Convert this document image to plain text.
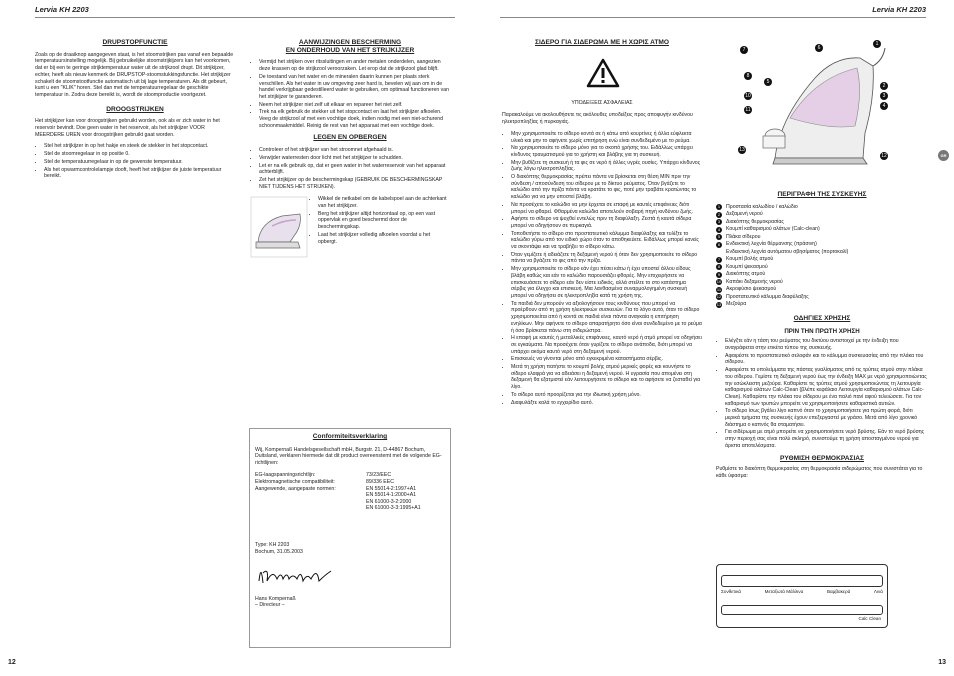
Lervia KH 2203
DRUPSTOPFUNCTIE

Zoals op de draaiknop aangegeven staat, is het stoomstrijken pas vanaf een bepaalde temperatuursinstelling mogelijk. Bij gebruikelijke stoomstrijkijzers kan het voorkomen, dat er bij een te geringe strijktemperatuur water uit de strijkzool drupt. Dit strijkijzer, echter, heeft als nieuw kenmerk de DRUPSTOP-stoomstukkingsfunctie. Het strijkijzer schakelt de stoomstootfunctie automatisch uit bij lage temperaturen. Als dit gebeurt, kunt u een "KLIK" horen. Stel dan met de temperatuurregelaar de geschikte temperatuur in. Zodra deze bereikt is, wordt de stoomproductie voortgezet.

DROOGSTRIJKEN

Het strijkijzer kan voor droogstrijken gebruikt worden, ook als er zich water in het reservoir bevindt. Doe geen water in het reservoir, als het strijkijzer VOOR MEERDERE UREN voor droogstrijken gebruikt gaat worden.

• Stel het strijkijzer in op het hakje en steek de stekker in het stopcontact.
• Stel de stoomregelaar in op positie 0.
• Stel de temperatuurregelaar in op de gewenste temperatuur.
• Als het opwarmcontrolelampje dooft, heeft het strijkijzer de juiste temperatuur bereikt.
AANWIJZINGEN BESCHERMING
EN ONDERHOUD VAN HET STRIJKIJZER
• Vermijd het strijken over ritssluitingen en ander metalen onderdelen, aangezien deze krassen op de strijkzool veroorzaken. Let erop dat de strijkzool glad blijft.
• De toestand van het water en de mineralen daarin kunnen per plaats sterk verschillen. Als het water in uw omgeving zeer hard is, bevelen wij aan om in de handel verkrijgbaar gedestilleerd water te gebruiken, om optimaal functioneren van het strijkijzer te garanderen.
• Neem het strijkijzer niet zelf uit elkaar en repareer het niet zelf.
• Trek na elk gebruik de stekker uit het stopcontact en laat het strijkijzer afkoelen. Veeg de strijkzool af met een vochtige doek, indien nodig met een niet-schurend schoonmaakmiddel. Reinig de rest van het apparaat met een vochtige doek.
LEGEN EN OPBERGEN
• Controleer of het strijkijzer van het stroomnet afgehaald is.
• Verwijder waterresten door licht met het strijkijzer te schudden.
• Let er na elk gebruik op, dat er geen water in het waterreservoir van het apparaat achterblijft.
• Zet het strijkijzer op de beschermingskap (GEBRUIK DE BESCHERMINGSKAP NIET TIJDENS HET STRIJKEN).
• Wikkel de netkabel om de kabelspoel aan de achterkant van het strijkijzer.
• Berg het strijkijzer altijd horizontaal op, op een vast oppervlak en goed beschermd door de beschermingskap.
• Laat het strijkijzer volledig afkoelen voordat u het opbergt.
Conformiteitsverklaring

Wij, Kompernaß Handelsgesellschaft mbH, Burgstr. 21, D-44867 Bochum, Duitsland, verklaren hiermede dat dit product overeenstemt met de volgende EG-richtlijnen:

EG-laagspanningsrichtlijn:	73/23/EEC
Elektromagnetische compatibiliteit:	89/336 EEC
Aangewende, aangepaste normen:	EN 55014-2:1997+A1
EN 55014-1:2000+A1
EN 61000-3-2:2000
EN 61000-3-3:1995+A1
Type: KH 2203
Bochum, 31.05.2003
Hans Kompernaß
– Directeur –
12
Lervia KH 2203
ΣΙΔΕΡΟ ΓΙΑ ΣΙΔΕΡΩΜΑ ΜΕ Η ΧΩΡΙΣ ΑΤΜΟ
ΥΠΟΔΕΙΞΕΙΣ ΑΣΦΑΛΕΙΑΣ

Παρακαλούμε να ακολουθήσετε τις ακόλουθες υποδείξεις προς αποφυγήν κινδύνου ηλεκτροπληξίας ή πυρκαγιάς.

• Μην χρησιμοποιείτε το σίδερο κοντά σε ή κάτω από κουρτίνες ή άλλα εύφλεκτα υλικά και μην το αφήνετε χωρίς επιτήρηση ενώ είναι συνδεδεμένο με το ρεύμα.
• Να χρησιμοποιείτε το σίδερο μόνο για το σκοπό χρήσης του. Ειδάλλως υπάρχει κίνδυνος τραυματισμού για το χρήστη και βλάβης για τη συσκευή.
• Μην βυθίζετε τη συσκευή ή τα φις σε νερό ή άλλες υγρές ουσίες. Υπάρχει κίνδυνος ζωής λόγω ηλεκτροπληξίας.
• Ο διακόπτης θερμοκρασίας πρέπει πάντα να βρίσκεται στη θέση MIN πριν την σύνδεση / αποσύνδεση του σίδερου με το δίκτυο ρεύματος. Όταν βγάζετε το καλώδιο από την πρίζα πάντα να κρατάτε το φις, ποτέ μην τραβάτε κρατώντας το καλώδιο για να μην υποστεί βλάβη.
• Να προσέχετε το καλώδιο να μην έρχεται σε επαφή με καυτές επιφάνειες διότι μπορεί να φθαρεί. Φθαρμένα καλώδια αποτελούν σοβαρή πηγή κινδύνου ζωής.
• Αφήστε το σίδερο να ψυχθεί εντελώς πριν τη διαφύλαξη. Ζεστά ή καυτά σίδερα μπορεί να οδηγήσουν σε πυρκαγιά.
• Τοποθετήστε το σίδερο στο προστατευτικό κάλυμμα διαφύλαξης και τυλίξτε το καλώδιο γύρω από τον ειδικό χώρο όταν το αποθηκεύετε. Ειδάλλως μπορεί κανείς να σκοντάψει και να τραβήξει το σίδερο κάτω.
• Όταν γεμίζετε ή αδειάζετε τη δεξαμενή νερού ή όταν δεν χρησιμοποιείτε το σίδερο πάντα να βγάζετε το φις από την πρίζα.
• Μην χρησιμοποιείτε το σίδερο εάν έχει πέσει κάτω ή έχει υποστεί άλλου είδους βλάβη καθώς και εάν το καλώδιο παρουσιάζει φθορές. Μην επιχειρήσετε να επισκευάσετε το σίδερο εάν δεν είστε ειδικός, αλλά στείλτε το στο κατάστημα σέρβις για έλεγχο και επισκευή. Μια λανθασμένα συναρμολογημένη συσκευή μπορεί να οδηγήσει σε ηλεκτροπληξία κατά τη χρήση της.
• Τα παιδιά δεν μπορούν να αξιολογήσουν τους κινδύνους που μπορεί να προέρθουν από τη χρήση ηλεκτρικών συσκευών. Για το λόγο αυτό, όταν το σίδερο χρησιμοποιείται από ή κοντά σε παιδιά είναι πάντα αναγκαία η επιτήρηση ενηλίκων. Μην αφήνετε το σίδερο απαρατήρητο όσο είναι συνδεδεμένο με το ρεύμα ή όσο βρίσκεται πάνω στη σιδερώστρα.
• Η επαφή με καυτές ή μεταλλικές επιφάνειες, καυτό νερό ή ατμό μπορεί να οδηγήσει σε εγκαύματα. Να προσέχετε όταν γυρίζετε το σίδερο ανάποδα, διότι μπορεί να υπάρχει ακόμα καυτό νερό στη δεξαμενή νερού.
• Επισκευές να γίνονται μόνο από εγκεκριμένα καταστήματα σέρβις.
• Μετά τη χρήση πατήστε το κουμπί βολής ατμού μερικές φορές και κουνήστε το σίδερο ελαφρά για να αδειάσει η δεξαμενή νερού. Η υγρασία που απομένει στη δεξαμενή θα εξατμιστεί εάν λειτουργήσετε το σίδερο και το αφήσετε να ζεσταθεί για λίγο.
• Το σίδερο αυτό προορίζεται για την ιδιωτική χρήση μόνο.
• Διαφυλάξτε καλά το εγχειρίδιο αυτό.
1
6
7
8
5
2
10	3
4
11
13
12	GR
ΠΕΡΙΓΡΑΦΗ ΤΗΣ ΣΥΣΚΕΥΗΣ
1	Προστασία καλωδίου / καλώδιο
2	Δεξαμενή νερού
3	Διακόπτης θερμοκρασίας
4	Κουμπί καθαρισμού αλάτων (Calc-clean)
5	Πλάκα σίδερου
6	Ενδεικτική λυχνία θέρμανσης (πράσινη)
Ενδεικτική λυχνία αυτόματου σβησίματος (πορτοκαλί)
7	Κουμπί βολής ατμού
8	Κουμπί ψεκασμού
9	Διακόπτης ατμού
10 Καπάκι δεξαμενής νερού
11 Ακροφύσιο ψεκασμού
12 Προστατευτικό κάλυμμα διαφύλαξης
13 Μεζούρα
ΟΔΗΓΙΕΣ ΧΡΗΣΗΣ
ΠΡΙΝ ΤΗΝ ΠΡΩΤΗ ΧΡΗΣΗ
• Ελέγξτε εάν η τάση του ρεύματος του δικτύου αντιστοιχεί με την ένδειξη που αναγράφεται στην ετικέτα τύπου της συσκευής.
• Αφαιρέστε το προστατευτικό σελοφάν και το κάλυμμα συσκευασίας από την πλάκα του σίδερου.
• Αφαιρέστε τα υπολείμματα της πάστας γυαλίσματος από τις τρύπες ατμού στην πλάκα του σίδερου. Γεμίστε τη δεξαμενή νερού έως την ένδειξη MAX με νερό χρησιμοποιώντας την εσώκλειστη μεζούρα. Καθαρίστε τις τρύπες ατμού χρησιμοποιώντας τη λειτουργία καθαρισμού αλάτων Calc-Clean (βλέπε κεφάλαιο Λειτουργία καθαρισμού αλάτων Calc-Clean). Καθαρίστε την πλάκα του σίδερου με ένα παλιό πανί αφού τελειώσετε. Για τον καθαρισμό των τρυπών μπορείτε να χρησιμοποιήσετε καθαριστικά αυτιών.
• Το σίδερο ίσως βγάλει λίγο καπνό όταν το χρησιμοποιήσετε για πρώτη φορά, διότι μερικά τμήματα της συσκευής έχουν επεξεργαστεί με γράσο. Μετά από λίγο χρονικό διάστημα ο καπνός θα σταματήσει.
• Για σιδέρωμα με ατμό μπορείτε να χρησιμοποιήσετε νερό βρύσης. Εάν το νερό βρύσης στην περιοχή σας είναι πολύ σκληρό, συνιστούμε τη χρήση αποσταγμένου νερού για άριστα αποτελέσματα.
ΡΥΘΜΙΣΗ ΘΕΡΜΟΚΡΑΣΙΑΣ

Ρυθμίστε το διακόπτη θερμοκρασίας στη θερμοκρασία σιδερώματος που συνιστάται για το κάθε ύφασμα:

Συνθετικά	Μεταξωτά Μάλλινα	Βαμβακερά	Λινά
Calc Clean
13
